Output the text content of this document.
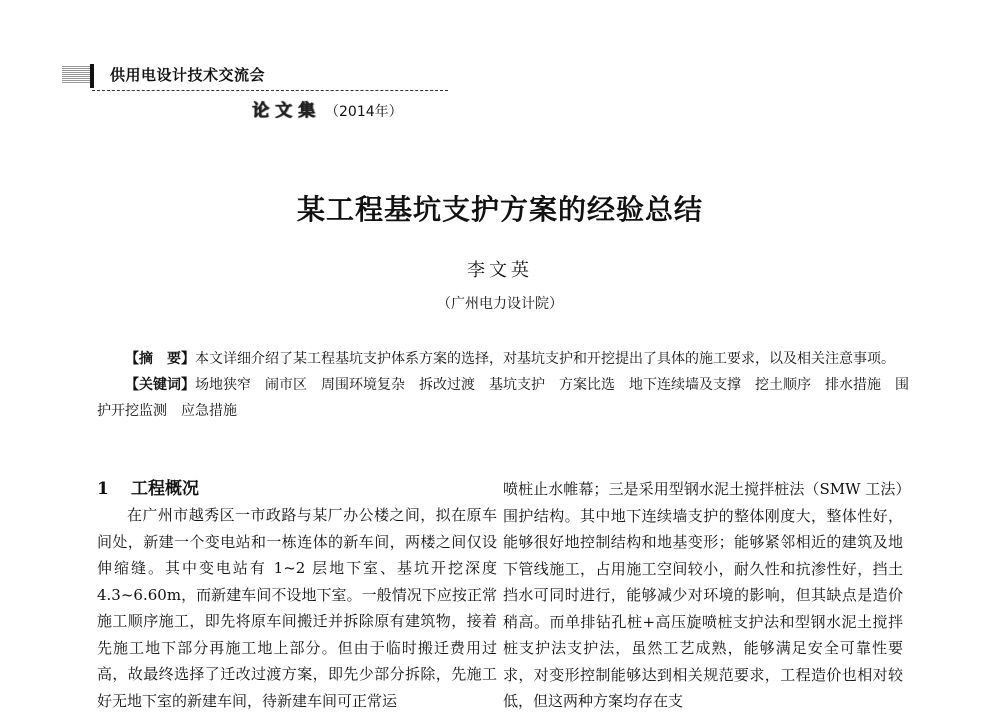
供用电设计技术交流会
论文集 （2014年）
某工程基坑支护方案的经验总结
李文英
（广州电力设计院）

【摘　要】本文详细介绍了某工程基坑支护体系方案的选择，对基坑支护和开挖提出了具体的施工要求，以及相关注意事项。

【关键词】场地狭窄 闹市区 周围环境复杂 拆改过渡 基坑支护 方案比选 地下连续墙及支撑 挖土顺序 排水措施 围护开挖监测 应急措施

1 工程概况

在广州市越秀区一市政路与某厂办公楼之间，拟在原车间处，新建一个变电站和一栋连体的新车间，两楼之间仅设伸缩缝。其中变电站有 1~2 层地下室、基坑开挖深度 4.3~6.60m，而新建车间不设地下室。一般情况下应按正常施工顺序施工，即先将原车间搬迁并拆除原有建筑物，接着先施工地下部分再施工地上部分。但由于临时搬迁费用过高，故最终选择了迁改过渡方案，即先少部分拆除，先施工好无地下室的新建车间，待新建车间可正常运

喷桩止水帷幕；三是采用型钢水泥土搅拌桩法（SMW 工法）围护结构。其中地下连续墙支护的整体刚度大，整体性好，能够很好地控制结构和地基变形；能够紧邻相近的建筑及地下管线施工，占用施工空间较小，耐久性和抗渗性好，挡土挡水可同时进行，能够减少对环境的影响，但其缺点是造价稍高。而单排钻孔桩+高压旋喷桩支护法和型钢水泥土搅拌桩支护法支护法，虽然工艺成熟，能够满足安全可靠性要求，对变形控制能够达到相关规范要求，工程造价也相对较低，但这两种方案均存在支
